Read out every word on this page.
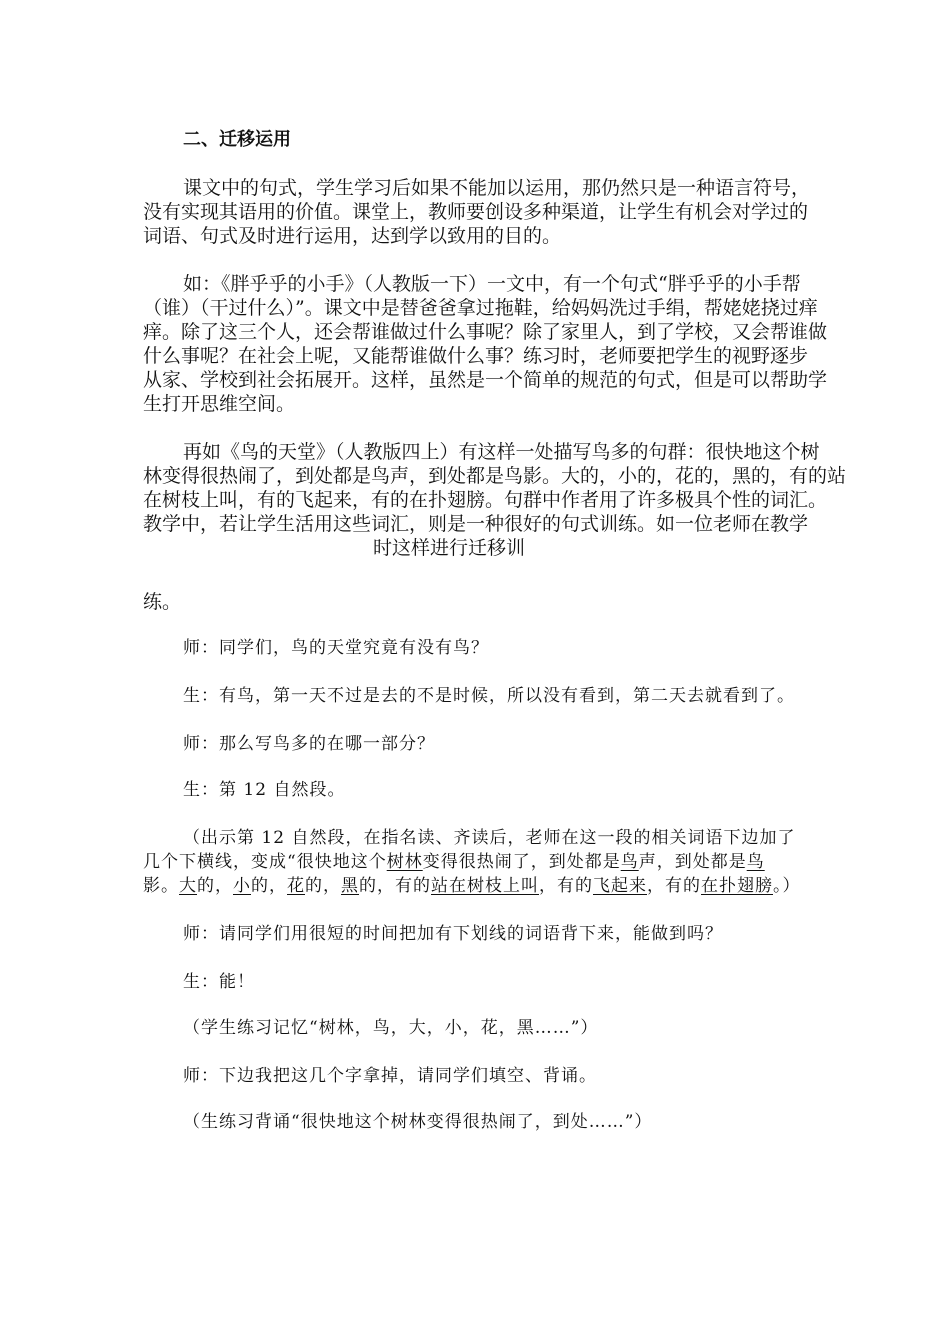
二、迁移运用
课文中的句式，学生学习后如果不能加以运用，那仍然只是一种语言符号，
没有实现其语用的价值。课堂上，教师要创设多种渠道，让学生有机会对学过的
词语、句式及时进行运用，达到学以致用的目的。
如：《胖乎乎的小手》（人教版一下）一文中，有一个句式“胖乎乎的小手帮
（谁）（干过什么）”。课文中是替爸爸拿过拖鞋，给妈妈洗过手绢，帮姥姥挠过痒
痒。除了这三个人，还会帮谁做过什么事呢？除了家里人，到了学校，又会帮谁做
什么事呢？在社会上呢，又能帮谁做什么事？练习时，老师要把学生的视野逐步
从家、学校到社会拓展开。这样，虽然是一个简单的规范的句式，但是可以帮助学
生打开思维空间。
再如《鸟的天堂》（人教版四上）有这样一处描写鸟多的句群：很快地这个树
林变得很热闹了，到处都是鸟声，到处都是鸟影。大的，小的，花的，黑的，有的站
在树枝上叫，有的飞起来，有的在扑翅膀。句群中作者用了许多极具个性的词汇。
教学中，若让学生活用这些词汇，则是一种很好的句式训练。如一位老师在教学
时这样进行迁移训
练。
师：同学们，鸟的天堂究竟有没有鸟？
生：有鸟，第一天不过是去的不是时候，所以没有看到，第二天去就看到了。
师：那么写鸟多的在哪一部分？
生：第 12 自然段。
（出示第 12 自然段，在指名读、齐读后，老师在这一段的相关词语下边加了
几个下横线，变成“很快地这个树林变得很热闹了，到处都是鸟声，到处都是鸟
影。大的，小的，花的，黑的，有的站在树枝上叫，有的飞起来，有的在扑翅膀。）
师：请同学们用很短的时间把加有下划线的词语背下来，能做到吗？
生：能！
（学生练习记忆“树林，鸟，大，小，花，黑……”）
师：下边我把这几个字拿掉，请同学们填空、背诵。
（生练习背诵“很快地这个树林变得很热闹了，到处……”）
